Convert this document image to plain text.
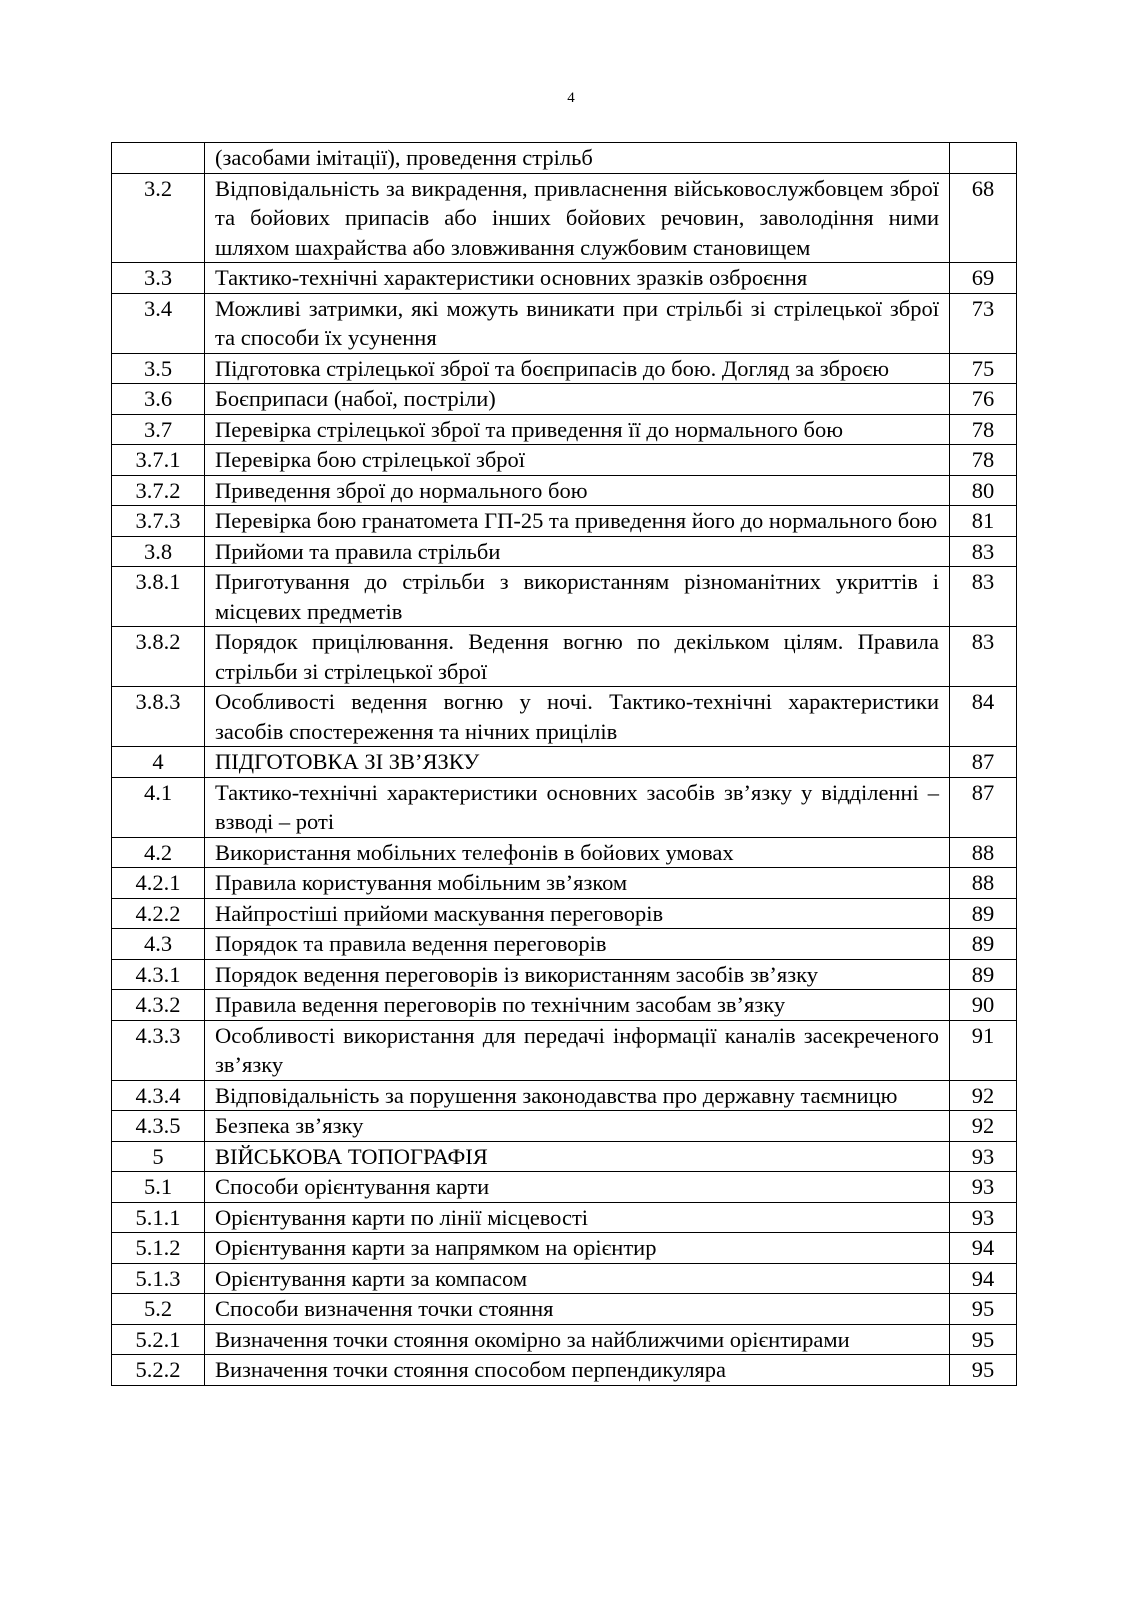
4
	(засобами імітації), проведення стрільб	
3.2	Відповідальність за викрадення, привласнення військовослужбовцем зброї та бойових припасів або інших бойових речовин, заволодіння ними шляхом шахрайства або зловживання службовим становищем	68
3.3	Тактико-технічні характеристики основних зразків озброєння	69
3.4	Можливі затримки, які можуть виникати при стрільбі зі стрілецької зброї та способи їх усунення	73
3.5	Підготовка стрілецької зброї та боєприпасів до бою. Догляд за зброєю	75
3.6	Боєприпаси (набої, постріли)	76
3.7	Перевірка стрілецької зброї та приведення її до нормального бою	78
3.7.1	Перевірка бою стрілецької зброї	78
3.7.2	Приведення зброї до нормального бою	80
3.7.3	Перевірка бою гранатомета ГП-25 та приведення його до нормального бою	81
3.8	Прийоми та правила стрільби	83
3.8.1	Приготування до стрільби з використанням різноманітних укриттів і місцевих предметів	83
3.8.2	Порядок прицілювання. Ведення вогню по декільком цілям. Правила стрільби зі стрілецької зброї	83
3.8.3	Особливості ведення вогню у ночі. Тактико-технічні характеристики засобів спостереження та нічних прицілів	84
4	ПІДГОТОВКА ЗІ ЗВ’ЯЗКУ	87
4.1	Тактико-технічні характеристики основних засобів зв’язку у відділенні – взводі – роті	87
4.2	Використання мобільних телефонів в бойових умовах	88
4.2.1	Правила користування мобільним зв’язком	88
4.2.2	Найпростіші прийоми маскування переговорів	89
4.3	Порядок та правила ведення переговорів	89
4.3.1	Порядок ведення переговорів із використанням засобів зв’язку	89
4.3.2	Правила ведення переговорів по технічним засобам зв’язку	90
4.3.3	Особливості використання для передачі інформації каналів засекреченого зв’язку	91
4.3.4	Відповідальність за порушення законодавства про державну таємницю	92
4.3.5	Безпека зв’язку	92
5	ВІЙСЬКОВА ТОПОГРАФІЯ	93
5.1	Способи орієнтування карти	93
5.1.1	Орієнтування карти по лінії місцевості	93
5.1.2	Орієнтування карти за напрямком на орієнтир	94
5.1.3	Орієнтування карти за компасом	94
5.2	Способи визначення точки стояння	95
5.2.1	Визначення точки стояння окомірно за найближчими орієнтирами	95
5.2.2	Визначення точки стояння способом перпендикуляра	95
